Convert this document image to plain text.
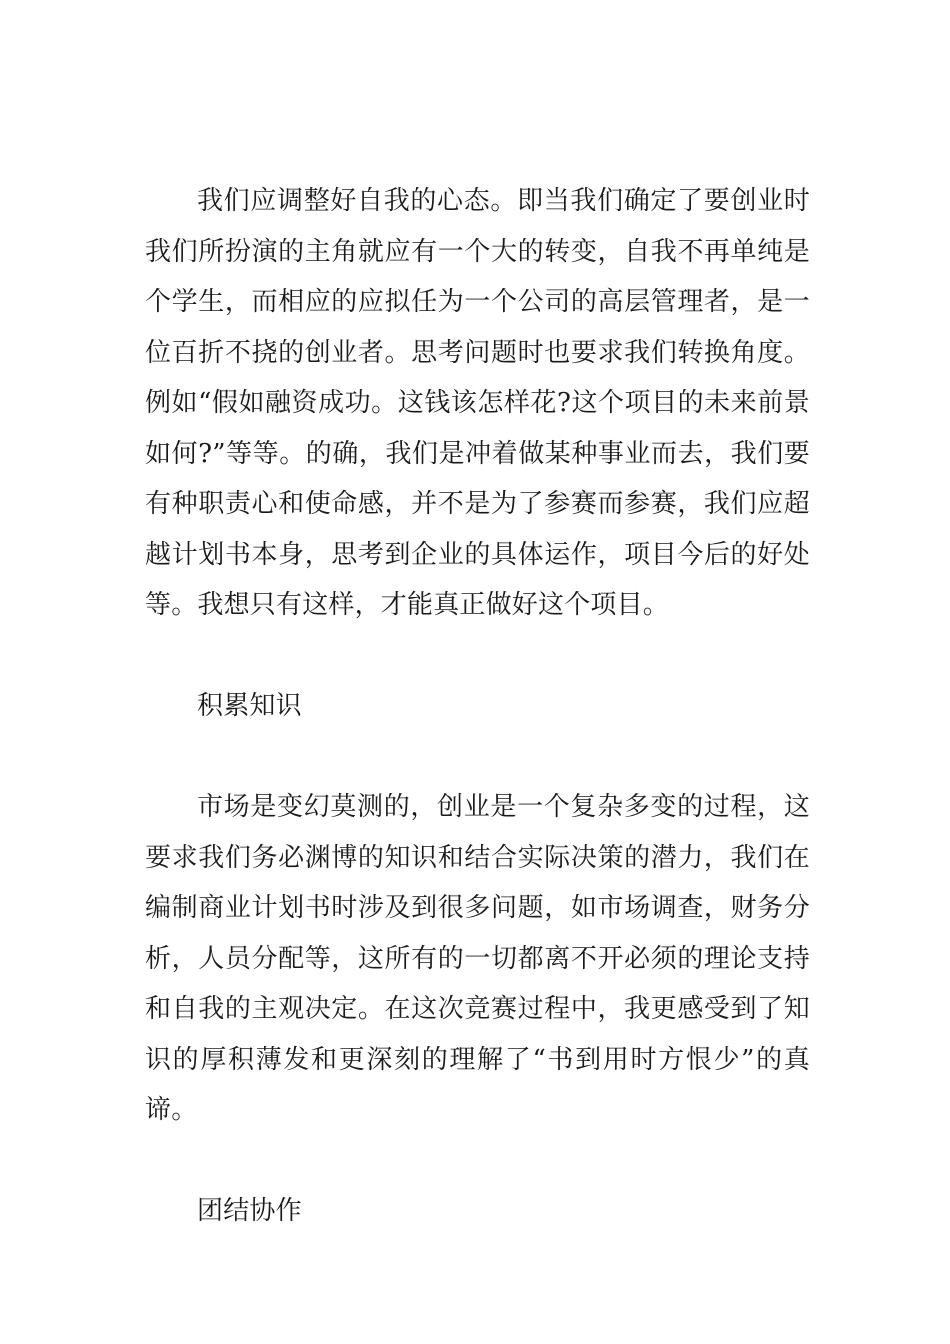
我们应调整好自我的心态。即当我们确定了要创业时我们所扮演的主角就应有一个大的转变，自我不再单纯是个学生，而相应的应拟任为一个公司的高层管理者，是一位百折不挠的创业者。思考问题时也要求我们转换角度。例如“假如融资成功。这钱该怎样花?这个项目的未来前景如何?”等等。的确，我们是冲着做某种事业而去，我们要有种职责心和使命感，并不是为了参赛而参赛，我们应超越计划书本身，思考到企业的具体运作，项目今后的好处等。我想只有这样，才能真正做好这个项目。

积累知识

市场是变幻莫测的，创业是一个复杂多变的过程，这要求我们务必渊博的知识和结合实际决策的潜力，我们在编制商业计划书时涉及到很多问题，如市场调查，财务分析，人员分配等，这所有的一切都离不开必须的理论支持和自我的主观决定。在这次竞赛过程中，我更感受到了知识的厚积薄发和更深刻的理解了“书到用时方恨少”的真谛。

团结协作
